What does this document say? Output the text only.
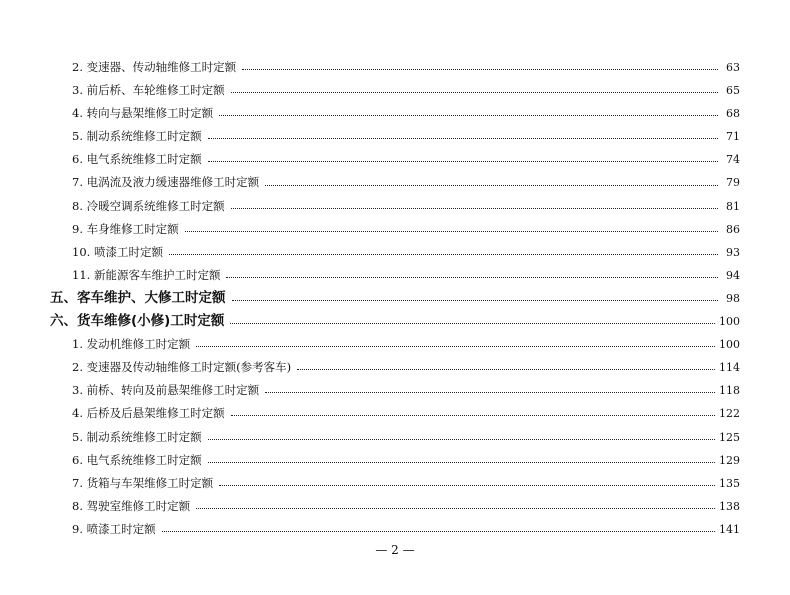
2. 变速器、传动轴维修工时定额	63
3. 前后桥、车轮维修工时定额	65
4. 转向与悬架维修工时定额	68
5. 制动系统维修工时定额	71
6. 电气系统维修工时定额	74
7. 电涡流及液力缓速器维修工时定额	79
8. 冷暖空调系统维修工时定额	81
9. 车身维修工时定额	86
10. 喷漆工时定额	93
11. 新能源客车维护工时定额	94
五、客车维护、大修工时定额	98
六、货车维修(小修)工时定额	100
1. 发动机维修工时定额	100
2. 变速器及传动轴维修工时定额(参考客车)	114
3. 前桥、转向及前悬架维修工时定额	118
4. 后桥及后悬架维修工时定额	122
5. 制动系统维修工时定额	125
6. 电气系统维修工时定额	129
7. 货箱与车架维修工时定额	135
8. 驾驶室维修工时定额	138
9. 喷漆工时定额	141
— 2 —
